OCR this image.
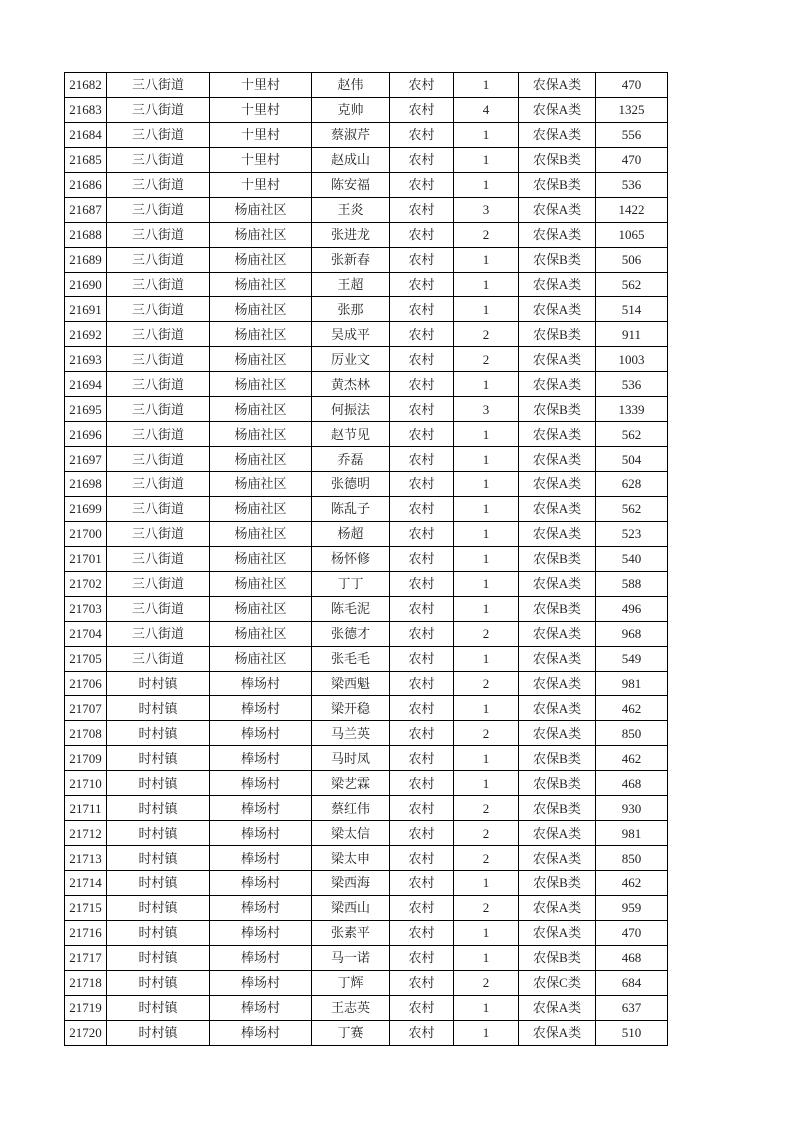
21682	三八街道	十里村	赵伟	农村	1	农保A类	470
21683	三八街道	十里村	克帅	农村	4	农保A类	1325
21684	三八街道	十里村	蔡淑芹	农村	1	农保A类	556
21685	三八街道	十里村	赵成山	农村	1	农保B类	470
21686	三八街道	十里村	陈安福	农村	1	农保B类	536
21687	三八街道	杨庙社区	王炎	农村	3	农保A类	1422
21688	三八街道	杨庙社区	张进龙	农村	2	农保A类	1065
21689	三八街道	杨庙社区	张新春	农村	1	农保B类	506
21690	三八街道	杨庙社区	王超	农村	1	农保A类	562
21691	三八街道	杨庙社区	张那	农村	1	农保A类	514
21692	三八街道	杨庙社区	吴成平	农村	2	农保B类	911
21693	三八街道	杨庙社区	厉业文	农村	2	农保A类	1003
21694	三八街道	杨庙社区	黄杰林	农村	1	农保A类	536
21695	三八街道	杨庙社区	何振法	农村	3	农保B类	1339
21696	三八街道	杨庙社区	赵节见	农村	1	农保A类	562
21697	三八街道	杨庙社区	乔磊	农村	1	农保A类	504
21698	三八街道	杨庙社区	张德明	农村	1	农保A类	628
21699	三八街道	杨庙社区	陈乱子	农村	1	农保A类	562
21700	三八街道	杨庙社区	杨超	农村	1	农保A类	523
21701	三八街道	杨庙社区	杨怀修	农村	1	农保B类	540
21702	三八街道	杨庙社区	丁丁	农村	1	农保A类	588
21703	三八街道	杨庙社区	陈毛泥	农村	1	农保B类	496
21704	三八街道	杨庙社区	张德才	农村	2	农保A类	968
21705	三八街道	杨庙社区	张毛毛	农村	1	农保A类	549
21706	时村镇	棒场村	梁西魁	农村	2	农保A类	981
21707	时村镇	棒场村	梁开稳	农村	1	农保A类	462
21708	时村镇	棒场村	马兰英	农村	2	农保A类	850
21709	时村镇	棒场村	马时凤	农村	1	农保B类	462
21710	时村镇	棒场村	梁艺霖	农村	1	农保B类	468
21711	时村镇	棒场村	蔡红伟	农村	2	农保B类	930
21712	时村镇	棒场村	梁太信	农村	2	农保A类	981
21713	时村镇	棒场村	梁太申	农村	2	农保A类	850
21714	时村镇	棒场村	梁西海	农村	1	农保B类	462
21715	时村镇	棒场村	梁西山	农村	2	农保A类	959
21716	时村镇	棒场村	张素平	农村	1	农保A类	470
21717	时村镇	棒场村	马一诺	农村	1	农保B类	468
21718	时村镇	棒场村	丁辉	农村	2	农保C类	684
21719	时村镇	棒场村	王志英	农村	1	农保A类	637
21720	时村镇	棒场村	丁赛	农村	1	农保A类	510
